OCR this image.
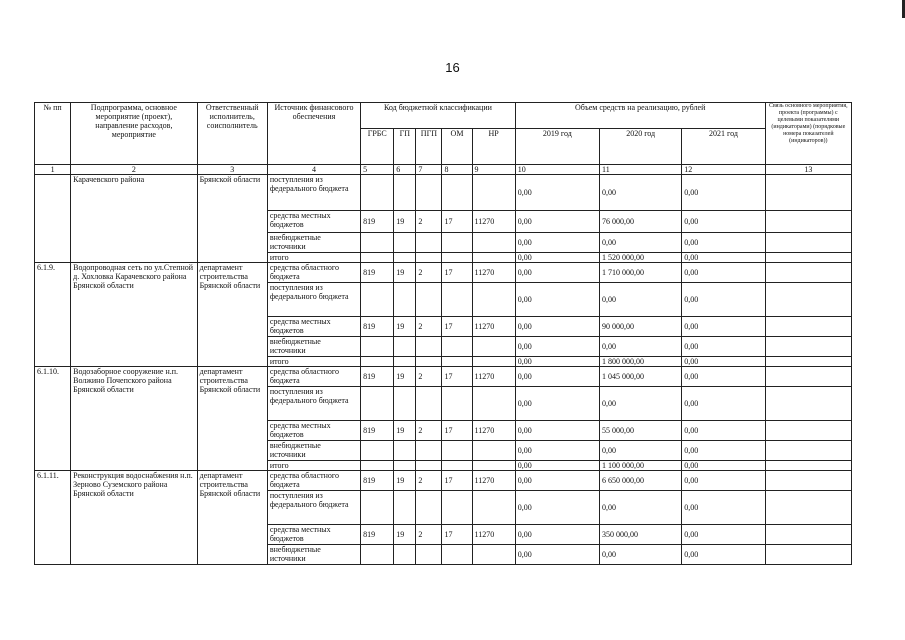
16
№ пп	Подпрограмма, основное мероприятие (проект), направление расходов, мероприятие	Ответственный исполнитель, соисполнитель	Источник финансового обеспечения	Код бюджетной классификации					Объем средств на реализацию, рублей			Связь основного мероприятия, проекта (программы) с целевыми показателями (индикаторами) (порядковые номера показателей (индикаторов))
				ГРБС	ГП	ПГП	ОМ	НР	2019 год	2020 год	2021 год	
1	2	3	4	5	6	7	8	9	10	11	12	13
	Карачевского района	Брянской области	поступления из федерального бюджета						0,00	0,00	0,00	
			средства местных бюджетов	819	19	2	17	11270	0,00	76 000,00	0,00	
			внебюджетные источники						0,00	0,00	0,00	
			итого						0,00	1 520 000,00	0,00	
6.1.9.	Водопроводная сеть по ул.Степной д. Хохловка Карачевского района Брянской области	департамент строительства Брянской области	средства областного бюджета	819	19	2	17	11270	0,00	1 710 000,00	0,00	
			поступления из федерального бюджета						0,00	0,00	0,00	
			средства местных бюджетов	819	19	2	17	11270	0,00	90 000,00	0,00	
			внебюджетные источники						0,00	0,00	0,00	
			итого						0,00	1 800 000,00	0,00	
6.1.10.	Водозаборное сооружение н.п. Волжино Почепского района Брянской области	департамент строительства Брянской области	средства областного бюджета	819	19	2	17	11270	0,00	1 045 000,00	0,00	
			поступления из федерального бюджета						0,00	0,00	0,00	
			средства местных бюджетов	819	19	2	17	11270	0,00	55 000,00	0,00	
			внебюджетные источники						0,00	0,00	0,00	
			итого						0,00	1 100 000,00	0,00	
6.1.11.	Реконструкция водоснабжения н.п. Зерново Суземского района Брянской области	департамент строительства Брянской области	средства областного бюджета	819	19	2	17	11270	0,00	6 650 000,00	0,00	
			поступления из федерального бюджета						0,00	0,00	0,00	
			средства местных бюджетов	819	19	2	17	11270	0,00	350 000,00	0,00	
			внебюджетные источники						0,00	0,00	0,00	
